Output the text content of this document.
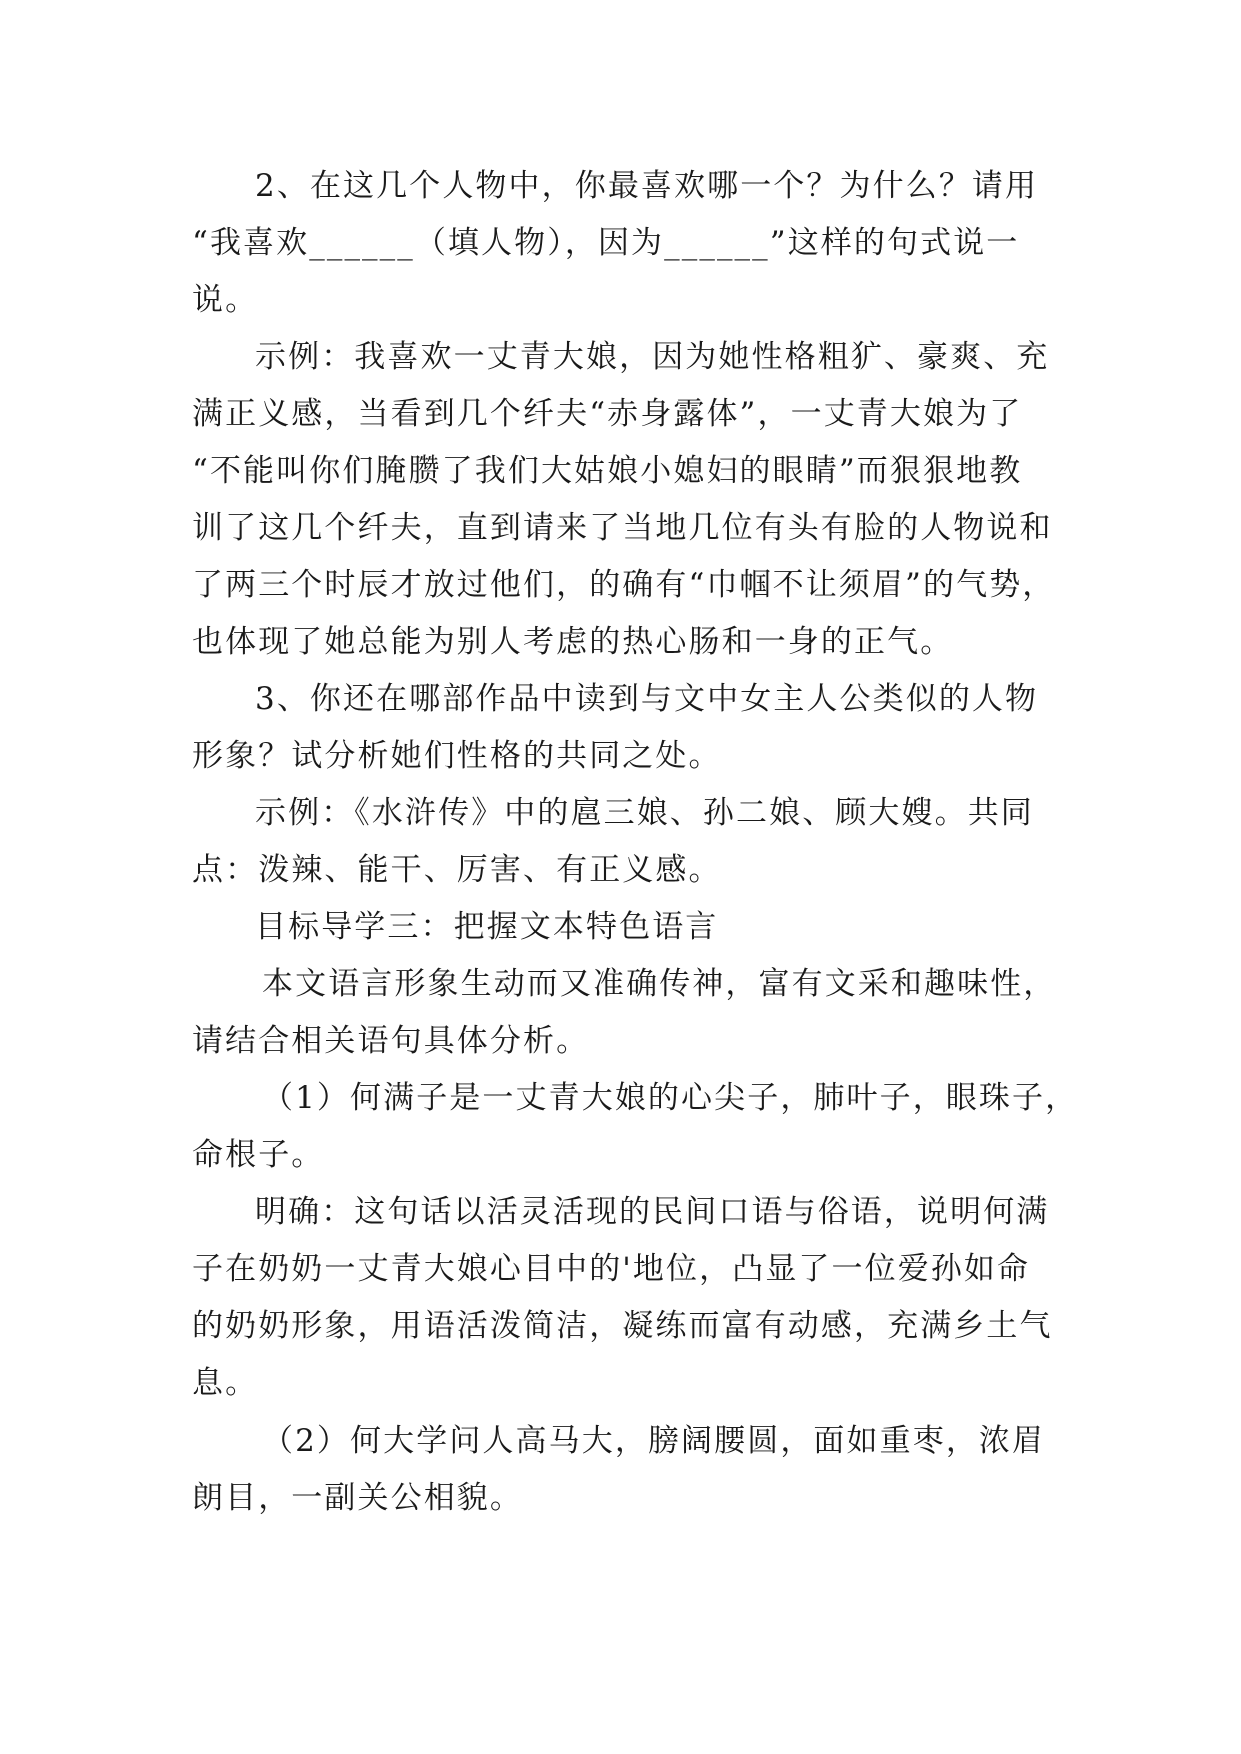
2、在这几个人物中，你最喜欢哪一个？为什么？请用
“我喜欢______（填人物），因为______”这样的句式说一
说。
示例：我喜欢一丈青大娘，因为她性格粗犷、豪爽、充
满正义感，当看到几个纤夫“赤身露体”，一丈青大娘为了
“不能叫你们腌臜了我们大姑娘小媳妇的眼睛”而狠狠地教
训了这几个纤夫，直到请来了当地几位有头有脸的人物说和
了两三个时辰才放过他们，的确有“巾帼不让须眉”的气势，
也体现了她总能为别人考虑的热心肠和一身的正气。
3、你还在哪部作品中读到与文中女主人公类似的人物
形象？试分析她们性格的共同之处。
示例：《水浒传》中的扈三娘、孙二娘、顾大嫂。共同
点：泼辣、能干、厉害、有正义感。
目标导学三：把握文本特色语言
本文语言形象生动而又准确传神，富有文采和趣味性，
请结合相关语句具体分析。
（1）何满子是一丈青大娘的心尖子，肺叶子，眼珠子，
命根子。
明确：这句话以活灵活现的民间口语与俗语，说明何满
子在奶奶一丈青大娘心目中的'地位，凸显了一位爱孙如命
的奶奶形象，用语活泼简洁，凝练而富有动感，充满乡土气
息。
（2）何大学问人高马大，膀阔腰圆，面如重枣，浓眉
朗目，一副关公相貌。
